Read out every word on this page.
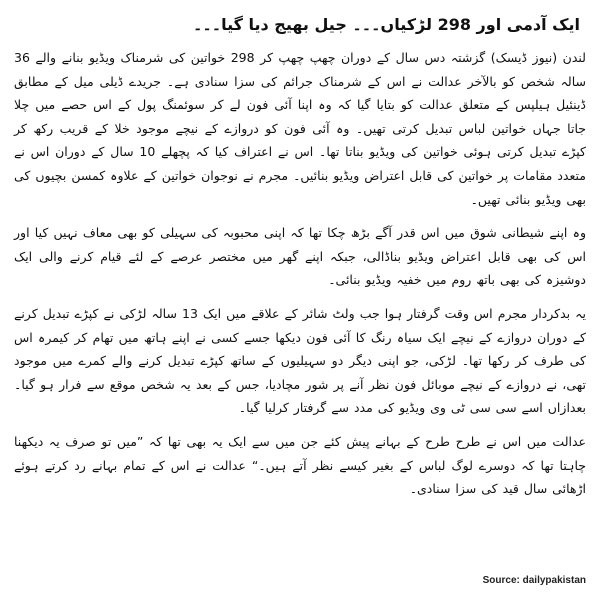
ایک آدمی اور 298 لڑکیاں۔۔۔ جیل بھیج دیا گیا۔۔۔

لندن (نیوز ڈیسک) گزشتہ دس سال کے دوران چھپ چھپ کر 298 خواتین کی شرمناک ویڈیو بنانے والے 36 سالہ شخص کو بالآخر عدالت نے اس کے شرمناک جرائم کی سزا سنادی ہے۔ جریدے ڈیلی میل کے مطابق ڈینئیل ہیلپس کے متعلق عدالت کو بتایا گیا کہ وہ اپنا آئی فون لے کر سوئمنگ پول کے اس حصے میں چلا جاتا جہاں خواتین لباس تبدیل کرتی تھیں۔ وہ آئی فون کو دروازے کے نیچے موجود خلا کے قریب رکھ کر کپڑے تبدیل کرتی ہوئی خواتین کی ویڈیو بناتا تھا۔ اس نے اعتراف کیا کہ پچھلے 10 سال کے دوران اس نے متعدد مقامات پر خواتین کی قابل اعتراض ویڈیو بنائیں۔ مجرم نے نوجوان خواتین کے علاوہ کمسن بچیوں کی بھی ویڈیو بنائی تھیں۔

وہ اپنے شیطانی شوق میں اس قدر آگے بڑھ چکا تھا کہ اپنی محبوبہ کی سہیلی کو بھی معاف نہیں کیا اور اس کی بھی قابل اعتراض ویڈیو بناڈالی، جبکہ اپنے گھر میں مختصر عرصے کے لئے قیام کرنے والی ایک دوشیزہ کی بھی باتھ روم میں خفیہ ویڈیو بنائی۔

یہ بدکردار مجرم اس وقت گرفتار ہوا جب ولٹ شائر کے علاقے میں ایک 13 سالہ لڑکی نے کپڑے تبدیل کرنے کے دوران دروازے کے نیچے ایک سیاہ رنگ کا آئی فون دیکھا جسے کسی نے اپنے ہاتھ میں تھام کر کیمرہ اس کی طرف کر رکھا تھا۔ لڑکی، جو اپنی دیگر دو سہیلیوں کے ساتھ کپڑے تبدیل کرنے والے کمرے میں موجود تھی، نے دروازے کے نیچے موبائل فون نظر آنے پر شور مچادیا، جس کے بعد یہ شخص موقع سے فرار ہو گیا۔ بعدازاں اسے سی سی ٹی وی ویڈیو کی مدد سے گرفتار کرلیا گیا۔

عدالت میں اس نے طرح طرح کے بہانے پیش کئے جن میں سے ایک یہ بھی تھا کہ ”میں تو صرف یہ دیکھنا چاہتا تھا کہ دوسرے لوگ لباس کے بغیر کیسے نظر آتے ہیں۔“ عدالت نے اس کے تمام بہانے رد کرتے ہوئے اڑھائی سال قید کی سزا سنادی۔

Source: dailypakistan
